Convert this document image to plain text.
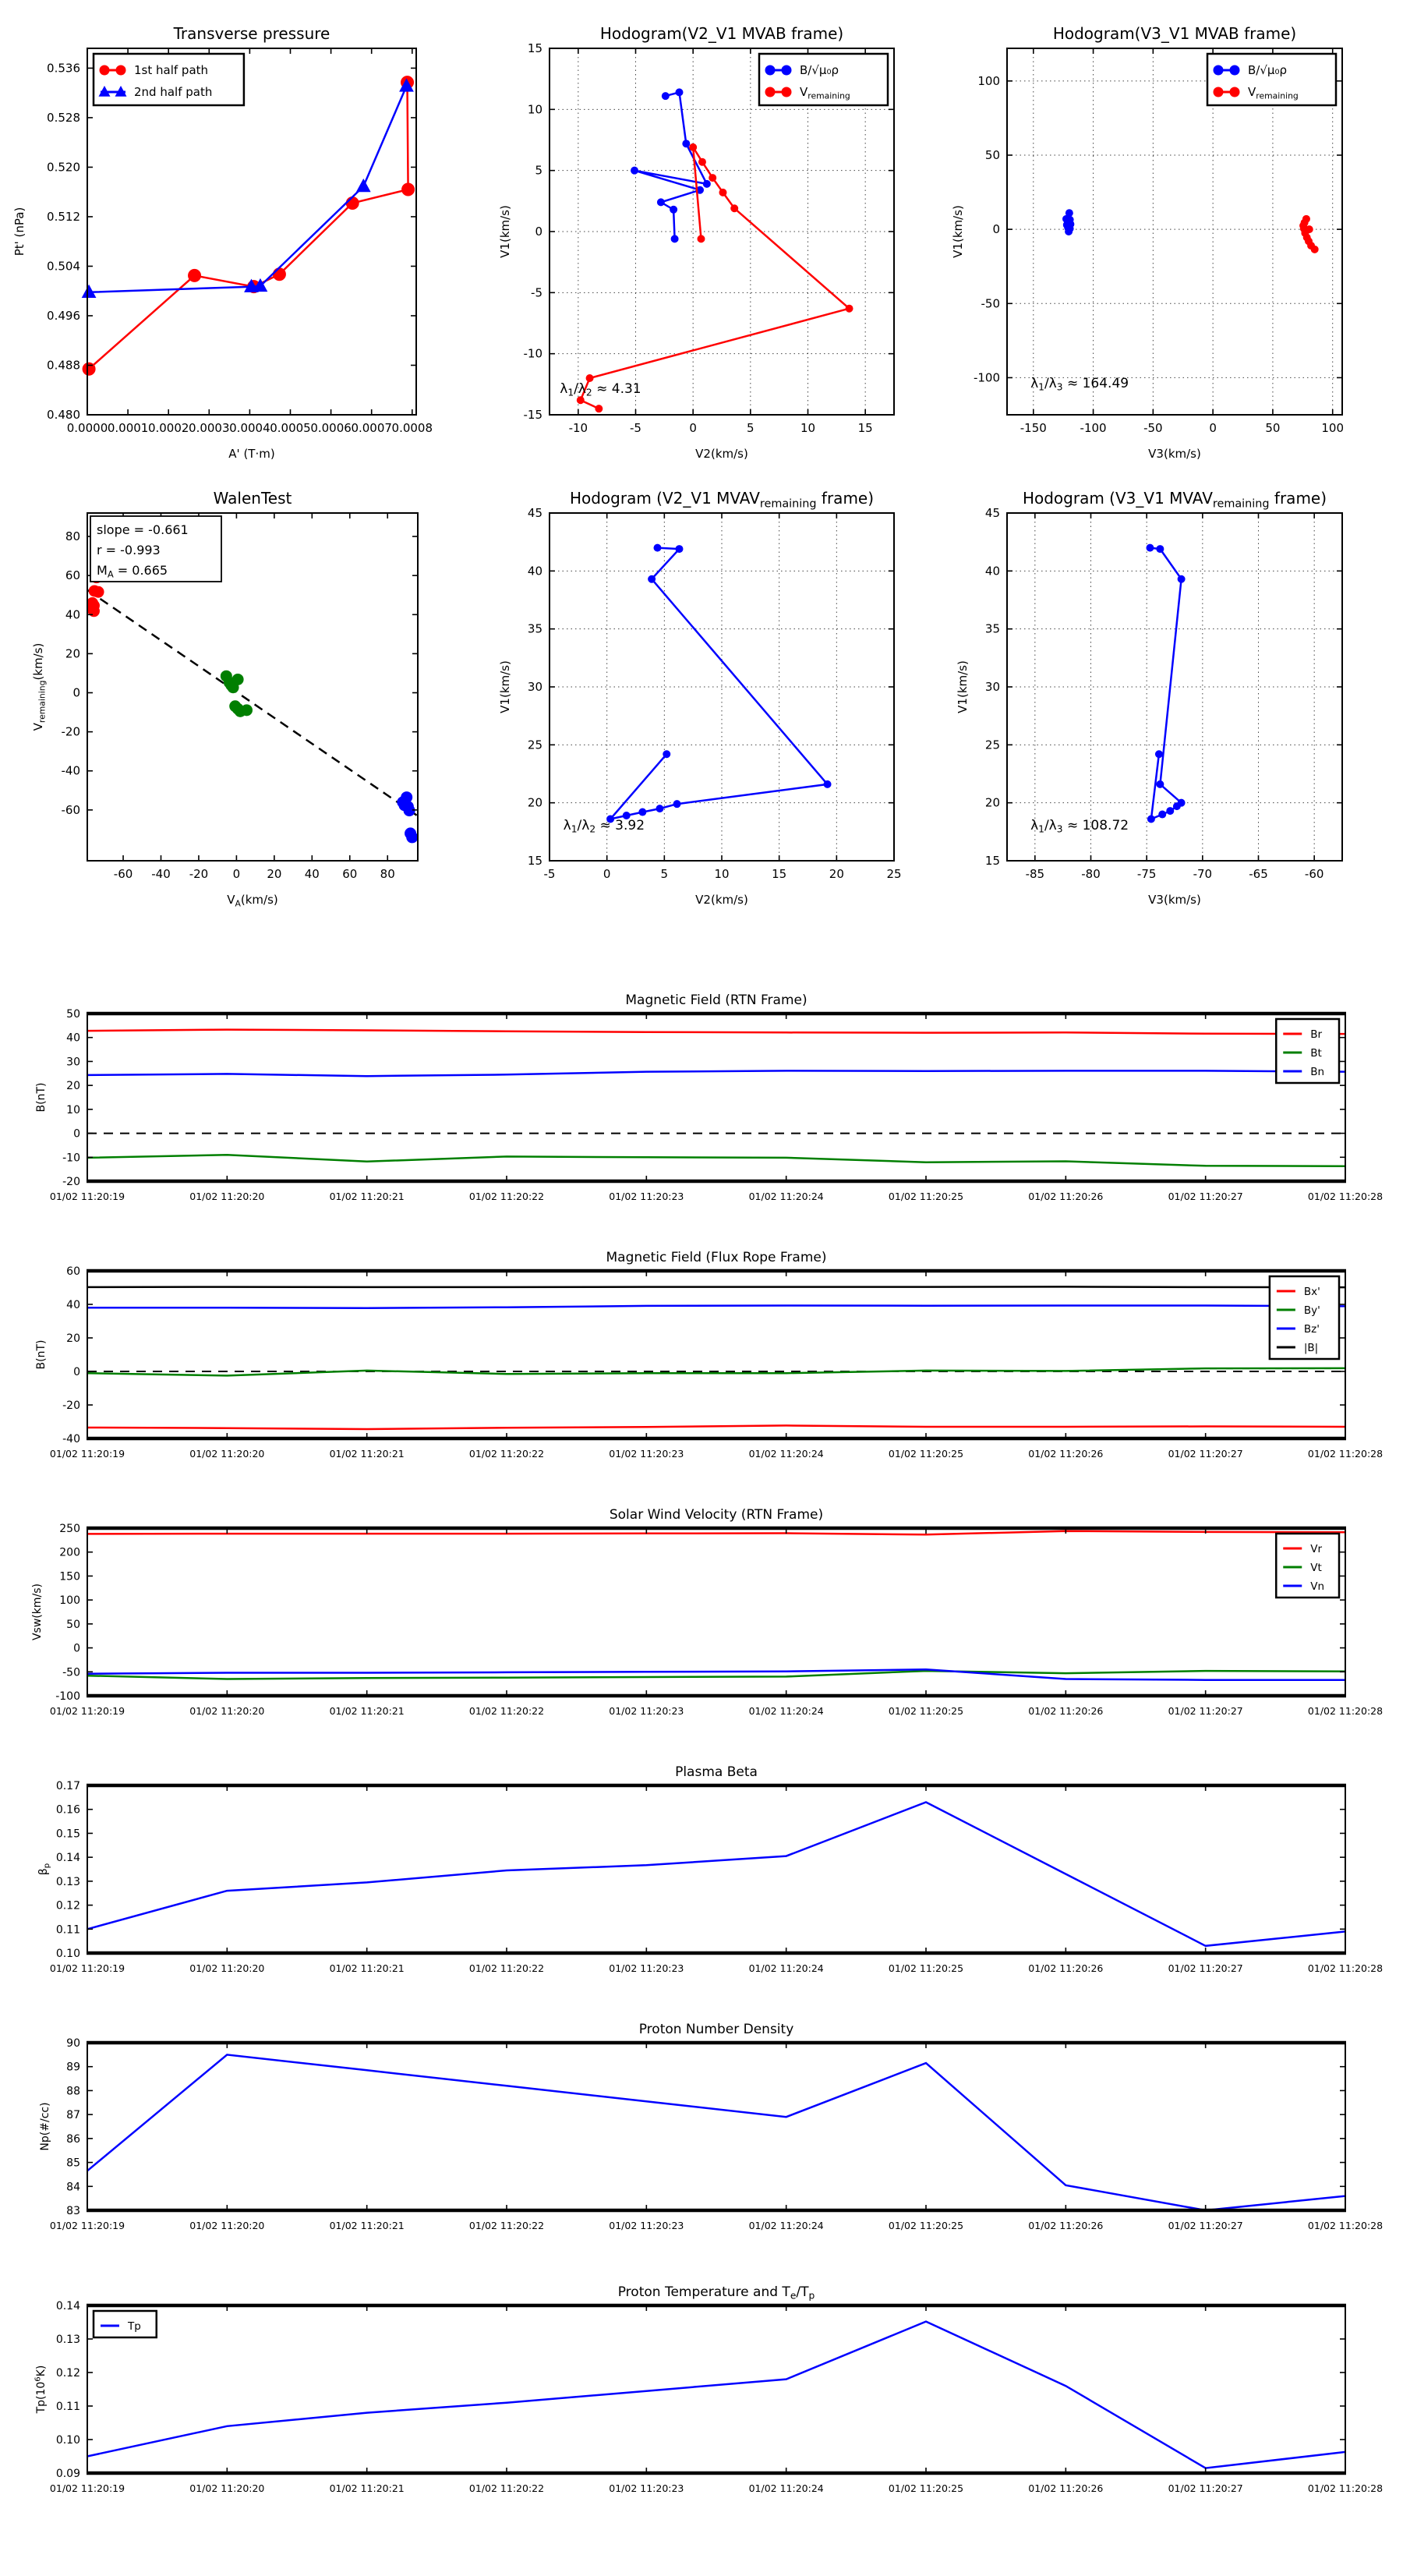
0.0000 0.0001 0.0002 0.0003 0.0004 0.0005 0.0006 0.0007 0.0008
0.480
0.488
0.496
0.504
0.512
0.520
0.528
0.536
Transverse pressure
A' (T·m)
Pt' (nPa)
1st half path
2nd half path
-10	-5	0	5	10	15
-15
-10
-5
0
5
10
15
Hodogram(V2_V1 MVAB frame)
V2(km/s)
V1(km/s)
$\lambda_1/\lambda_2 \approx 4.31$
B/√μ₀ρ
$V_{remaining}$
-150	-100	-50	0	50	100
-100
-50
0
50
100
Hodogram(V3_V1 MVAB frame)
V3(km/s)
V1(km/s)
$\lambda_1/\lambda_3 \approx 164.49$
B/√μ₀ρ
$V_{remaining}$
-60 -40 -20 0 20 40 60 80
-60
-40
-20
0
20
40
60
80
WalenTest
$V_A(km/s)$
$V_{remaining}(km/s)$
slope = -0.661
r = -0.993
$M_A = 0.665$
-5	0	5	10	15	20	25
15
20
25
30
35
40
45
Hodogram (V2_V1 $MVAV_{remaining}$ frame)
V2(km/s)
V1(km/s)
$\lambda_1/\lambda_2 \approx 3.92$
-85	-80	-75	-70	-65	-60
15
20
25
30
35
40
45
Hodogram (V3_V1 $MVAV_{remaining}$ frame)
V3(km/s)
V1(km/s)
$\lambda_1/\lambda_3 \approx 108.72$
01/02 11:20:19	01/02 11:20:20	01/02 11:20:21	01/02 11:20:22	01/02 11:20:23	01/02 11:20:24	01/02 11:20:25	01/02 11:20:26	01/02 11:20:27	01/02 11:20:28
-20
-10
0
10
20
30
40
50
Magnetic Field (RTN Frame)
B(nT)
Br
Bt
Bn
01/02 11:20:19	01/02 11:20:20	01/02 11:20:21	01/02 11:20:22	01/02 11:20:23	01/02 11:20:24	01/02 11:20:25	01/02 11:20:26	01/02 11:20:27	01/02 11:20:28
-40
-20
0
20
40
60
Magnetic Field (Flux Rope Frame)
B(nT)
Bx'
By'
Bz'
|B|
01/02 11:20:19	01/02 11:20:20	01/02 11:20:21	01/02 11:20:22	01/02 11:20:23	01/02 11:20:24	01/02 11:20:25	01/02 11:20:26	01/02 11:20:27	01/02 11:20:28
-100
-50
0
50
100
150
200
250
Solar Wind Velocity (RTN Frame)
Vsw(km/s)
Vr
Vt
Vn
01/02 11:20:19	01/02 11:20:20	01/02 11:20:21	01/02 11:20:22	01/02 11:20:23	01/02 11:20:24	01/02 11:20:25	01/02 11:20:26	01/02 11:20:27	01/02 11:20:28
0.10
0.11
0.12
0.13
0.14
0.15
0.16
0.17
Plasma Beta
$\beta_p$
01/02 11:20:19	01/02 11:20:20	01/02 11:20:21	01/02 11:20:22	01/02 11:20:23	01/02 11:20:24	01/02 11:20:25	01/02 11:20:26	01/02 11:20:27	01/02 11:20:28
83
84
85
86
87
88
89
90
Proton Number Density
Np(#/cc)
01/02 11:20:19	01/02 11:20:20	01/02 11:20:21	01/02 11:20:22	01/02 11:20:23	01/02 11:20:24	01/02 11:20:25	01/02 11:20:26	01/02 11:20:27	01/02 11:20:28
0.09
0.10
0.11
0.12
0.13
0.14
Proton Temperature and $T_e/T_p$
$Tp(10^6K)$
Tp
